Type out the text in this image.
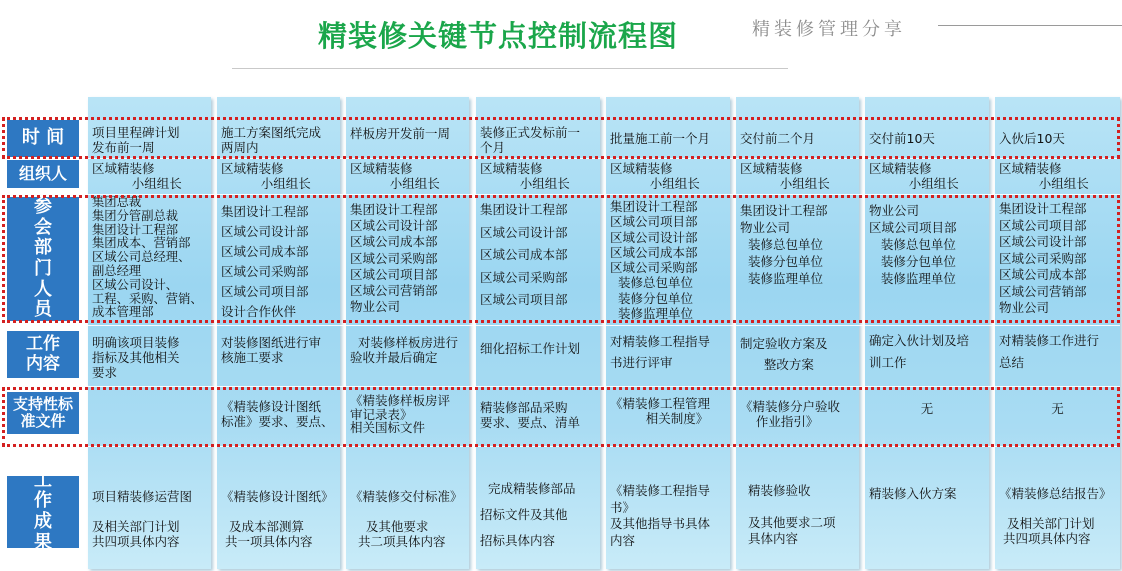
精装修关键节点控制流程图	精装修管理分享
时 间
组织人
参会部门人员
工作内容
支持性标准文件
工作成果
项目里程碑计划
发布前一周
区域精装修
小组组长
集团总裁
集团分管副总裁
集团设计工程部
集团成本、营销部
区域公司总经理、
副总经理
区域公司设计、
工程、采购、营销、
成本管理部
明确该项目装修
指标及其他相关
要求
项目精装修运营图

及相关部门计划
共四项具体内容
施工方案图纸完成
两周内
区域精装修
小组组长
集团设计工程部
区域公司设计部
区域公司成本部
区域公司采购部
区域公司项目部
设计合作伙伴
对装修图纸进行审
核施工要求
《精装修设计图纸
标准》要求、要点、
《精装修设计图纸》

及成本部测算
共一项具体内容
样板房开发前一周
区域精装修
小组组长
集团设计工程部
区域公司设计部
区域公司成本部
区域公司采购部
区域公司项目部
区域公司营销部
物业公司
对装修样板房进行
验收并最后确定
《精装修样板房评
审记录表》
相关国标文件
《精装修交付标准》

及其他要求
共二项具体内容
装修正式发标前一
个月
区域精装修
小组组长
集团设计工程部
区域公司设计部
区域公司成本部
区域公司采购部
区域公司项目部
细化招标工作计划
精装修部品采购
要求、要点、清单
完成精装修部品
招标文件及其他
招标具体内容
批量施工前一个月
区域精装修
小组组长
集团设计工程部
区域公司项目部
区域公司设计部
区域公司成本部
区域公司采购部
装修总包单位
装修分包单位
装修监理单位
对精装修工程指导
书进行评审
《精装修工程管理
相关制度》
《精装修工程指导
书》
及其他指导书具体
内容
交付前二个月
区域精装修
小组组长
集团设计工程部
物业公司
装修总包单位
装修分包单位
装修监理单位
制定验收方案及
整改方案
《精装修分户验收
作业指引》
精装修验收

及其他要求二项
具体内容
交付前10天
区域精装修
小组组长
物业公司
区域公司项目部
装修总包单位
装修分包单位
装修监理单位
确定入伙计划及培
训工作
无
精装修入伙方案
入伙后10天
区域精装修
小组组长
集团设计工程部
区域公司项目部
区域公司设计部
区域公司采购部
区域公司成本部
区域公司营销部
物业公司
对精装修工作进行
总结
无
《精装修总结报告》

及相关部门计划
共四项具体内容
